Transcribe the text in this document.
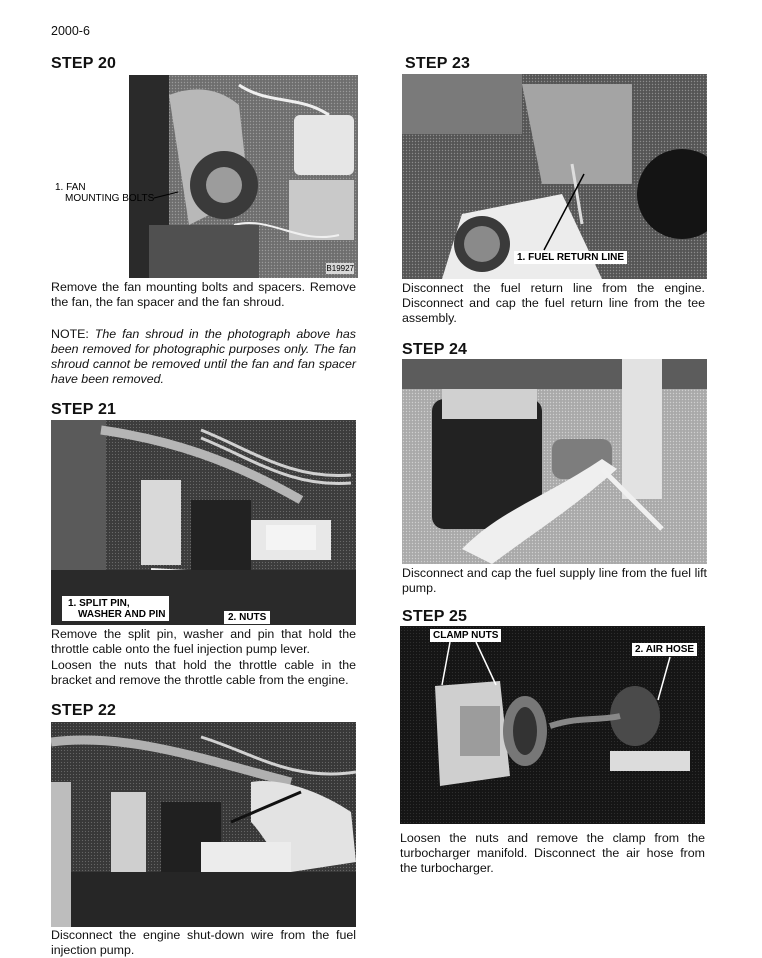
2000-6
STEP 20
B19927
1. FAN
MOUNTING BOLTS
Remove the fan mounting bolts and spacers. Remove the fan, the fan spacer and the fan shroud.
NOTE: The fan shroud in the photograph above has been removed for photographic purposes only. The fan shroud cannot be removed until the fan and fan spacer have been removed.
STEP 21
1. SPLIT PIN,
WASHER AND PIN	2. NUTS
Remove the split pin, washer and pin that hold the throttle cable onto the fuel injection pump lever.
Loosen the nuts that hold the throttle cable in the bracket and remove the throttle cable from the engine.
STEP 22
Disconnect the engine shut-down wire from the fuel injection pump.
STEP 23
1. FUEL RETURN LINE
Disconnect the fuel return line from the engine. Disconnect and cap the fuel return line from the tee assembly.
STEP 24
Disconnect and cap the fuel supply line from the fuel lift pump.
STEP 25
CLAMP NUTS
2. AIR HOSE
Loosen the nuts and remove the clamp from the turbocharger manifold. Disconnect the air hose from the turbocharger.
